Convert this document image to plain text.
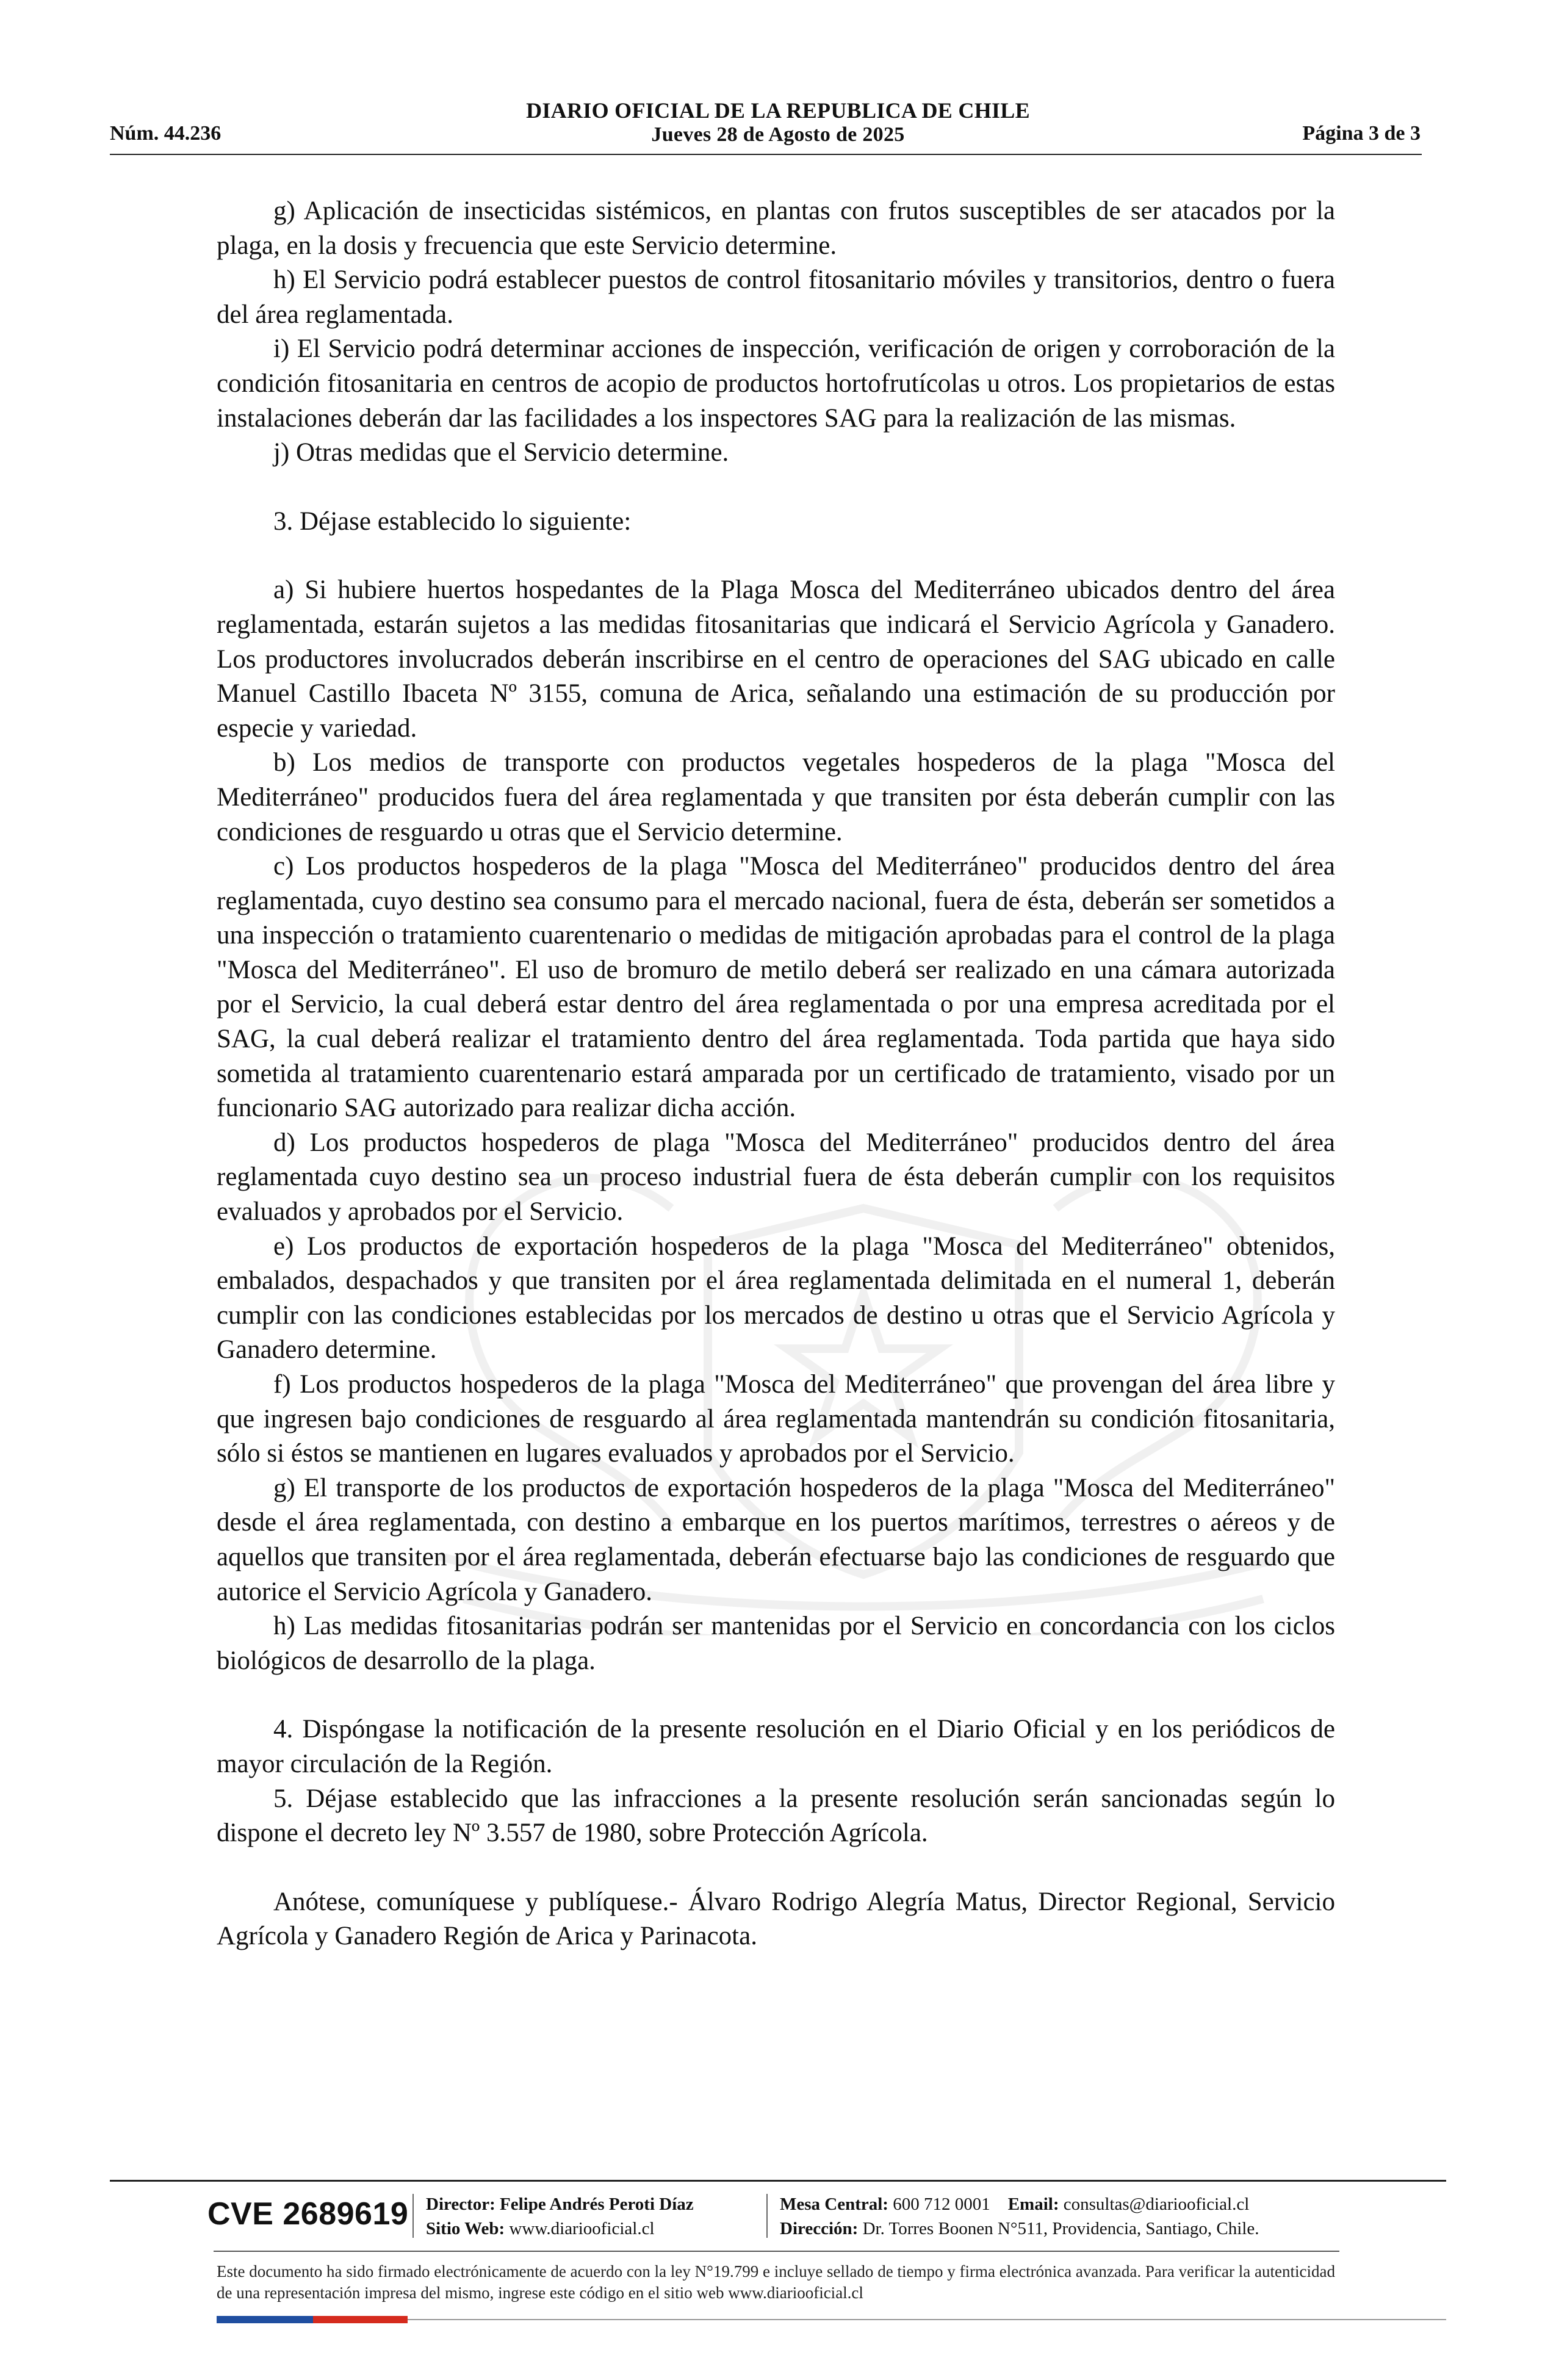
DIARIO OFICIAL DE LA REPUBLICA DE CHILE
Jueves 28 de Agosto de 2025
Núm. 44.236	Página 3 de 3

g) Aplicación de insecticidas sistémicos, en plantas con frutos susceptibles de ser atacados por la plaga, en la dosis y frecuencia que este Servicio determine.

h) El Servicio podrá establecer puestos de control fitosanitario móviles y transitorios, dentro o fuera del área reglamentada.

i) El Servicio podrá determinar acciones de inspección, verificación de origen y corroboración de la condición fitosanitaria en centros de acopio de productos hortofrutícolas u otros. Los propietarios de estas instalaciones deberán dar las facilidades a los inspectores SAG para la realización de las mismas.

j) Otras medidas que el Servicio determine.

3. Déjase establecido lo siguiente:

a) Si hubiere huertos hospedantes de la Plaga Mosca del Mediterráneo ubicados dentro del área reglamentada, estarán sujetos a las medidas fitosanitarias que indicará el Servicio Agrícola y Ganadero. Los productores involucrados deberán inscribirse en el centro de operaciones del SAG ubicado en calle Manuel Castillo Ibaceta Nº 3155, comuna de Arica, señalando una estimación de su producción por especie y variedad.

b) Los medios de transporte con productos vegetales hospederos de la plaga "Mosca del Mediterráneo" producidos fuera del área reglamentada y que transiten por ésta deberán cumplir con las condiciones de resguardo u otras que el Servicio determine.

c) Los productos hospederos de la plaga "Mosca del Mediterráneo" producidos dentro del área reglamentada, cuyo destino sea consumo para el mercado nacional, fuera de ésta, deberán ser sometidos a una inspección o tratamiento cuarentenario o medidas de mitigación aprobadas para el control de la plaga "Mosca del Mediterráneo". El uso de bromuro de metilo deberá ser realizado en una cámara autorizada por el Servicio, la cual deberá estar dentro del área reglamentada o por una empresa acreditada por el SAG, la cual deberá realizar el tratamiento dentro del área reglamentada. Toda partida que haya sido sometida al tratamiento cuarentenario estará amparada por un certificado de tratamiento, visado por un funcionario SAG autorizado para realizar dicha acción.

d) Los productos hospederos de plaga "Mosca del Mediterráneo" producidos dentro del área reglamentada cuyo destino sea un proceso industrial fuera de ésta deberán cumplir con los requisitos evaluados y aprobados por el Servicio.

e) Los productos de exportación hospederos de la plaga "Mosca del Mediterráneo" obtenidos, embalados, despachados y que transiten por el área reglamentada delimitada en el numeral 1, deberán cumplir con las condiciones establecidas por los mercados de destino u otras que el Servicio Agrícola y Ganadero determine.

f) Los productos hospederos de la plaga "Mosca del Mediterráneo" que provengan del área libre y que ingresen bajo condiciones de resguardo al área reglamentada mantendrán su condición fitosanitaria, sólo si éstos se mantienen en lugares evaluados y aprobados por el Servicio.

g) El transporte de los productos de exportación hospederos de la plaga "Mosca del Mediterráneo" desde el área reglamentada, con destino a embarque en los puertos marítimos, terrestres o aéreos y de aquellos que transiten por el área reglamentada, deberán efectuarse bajo las condiciones de resguardo que autorice el Servicio Agrícola y Ganadero.

h) Las medidas fitosanitarias podrán ser mantenidas por el Servicio en concordancia con los ciclos biológicos de desarrollo de la plaga.

4. Dispóngase la notificación de la presente resolución en el Diario Oficial y en los periódicos de mayor circulación de la Región.

5. Déjase establecido que las infracciones a la presente resolución serán sancionadas según lo dispone el decreto ley Nº 3.557 de 1980, sobre Protección Agrícola.

Anótese, comuníquese y publíquese.- Álvaro Rodrigo Alegría Matus, Director Regional, Servicio Agrícola y Ganadero Región de Arica y Parinacota.

CVE 2689619 Director: Felipe Andrés Peroti Díaz
Sitio Web: www.diariooficial.cl
Mesa Central: 600 712 0001 Email: consultas@diariooficial.cl
Dirección: Dr. Torres Boonen N°511, Providencia, Santiago, Chile.
Este documento ha sido firmado electrónicamente de acuerdo con la ley N°19.799 e incluye sellado de tiempo y firma electrónica avanzada. Para verificar la autenticidad de una representación impresa del mismo, ingrese este código en el sitio web www.diariooficial.cl
